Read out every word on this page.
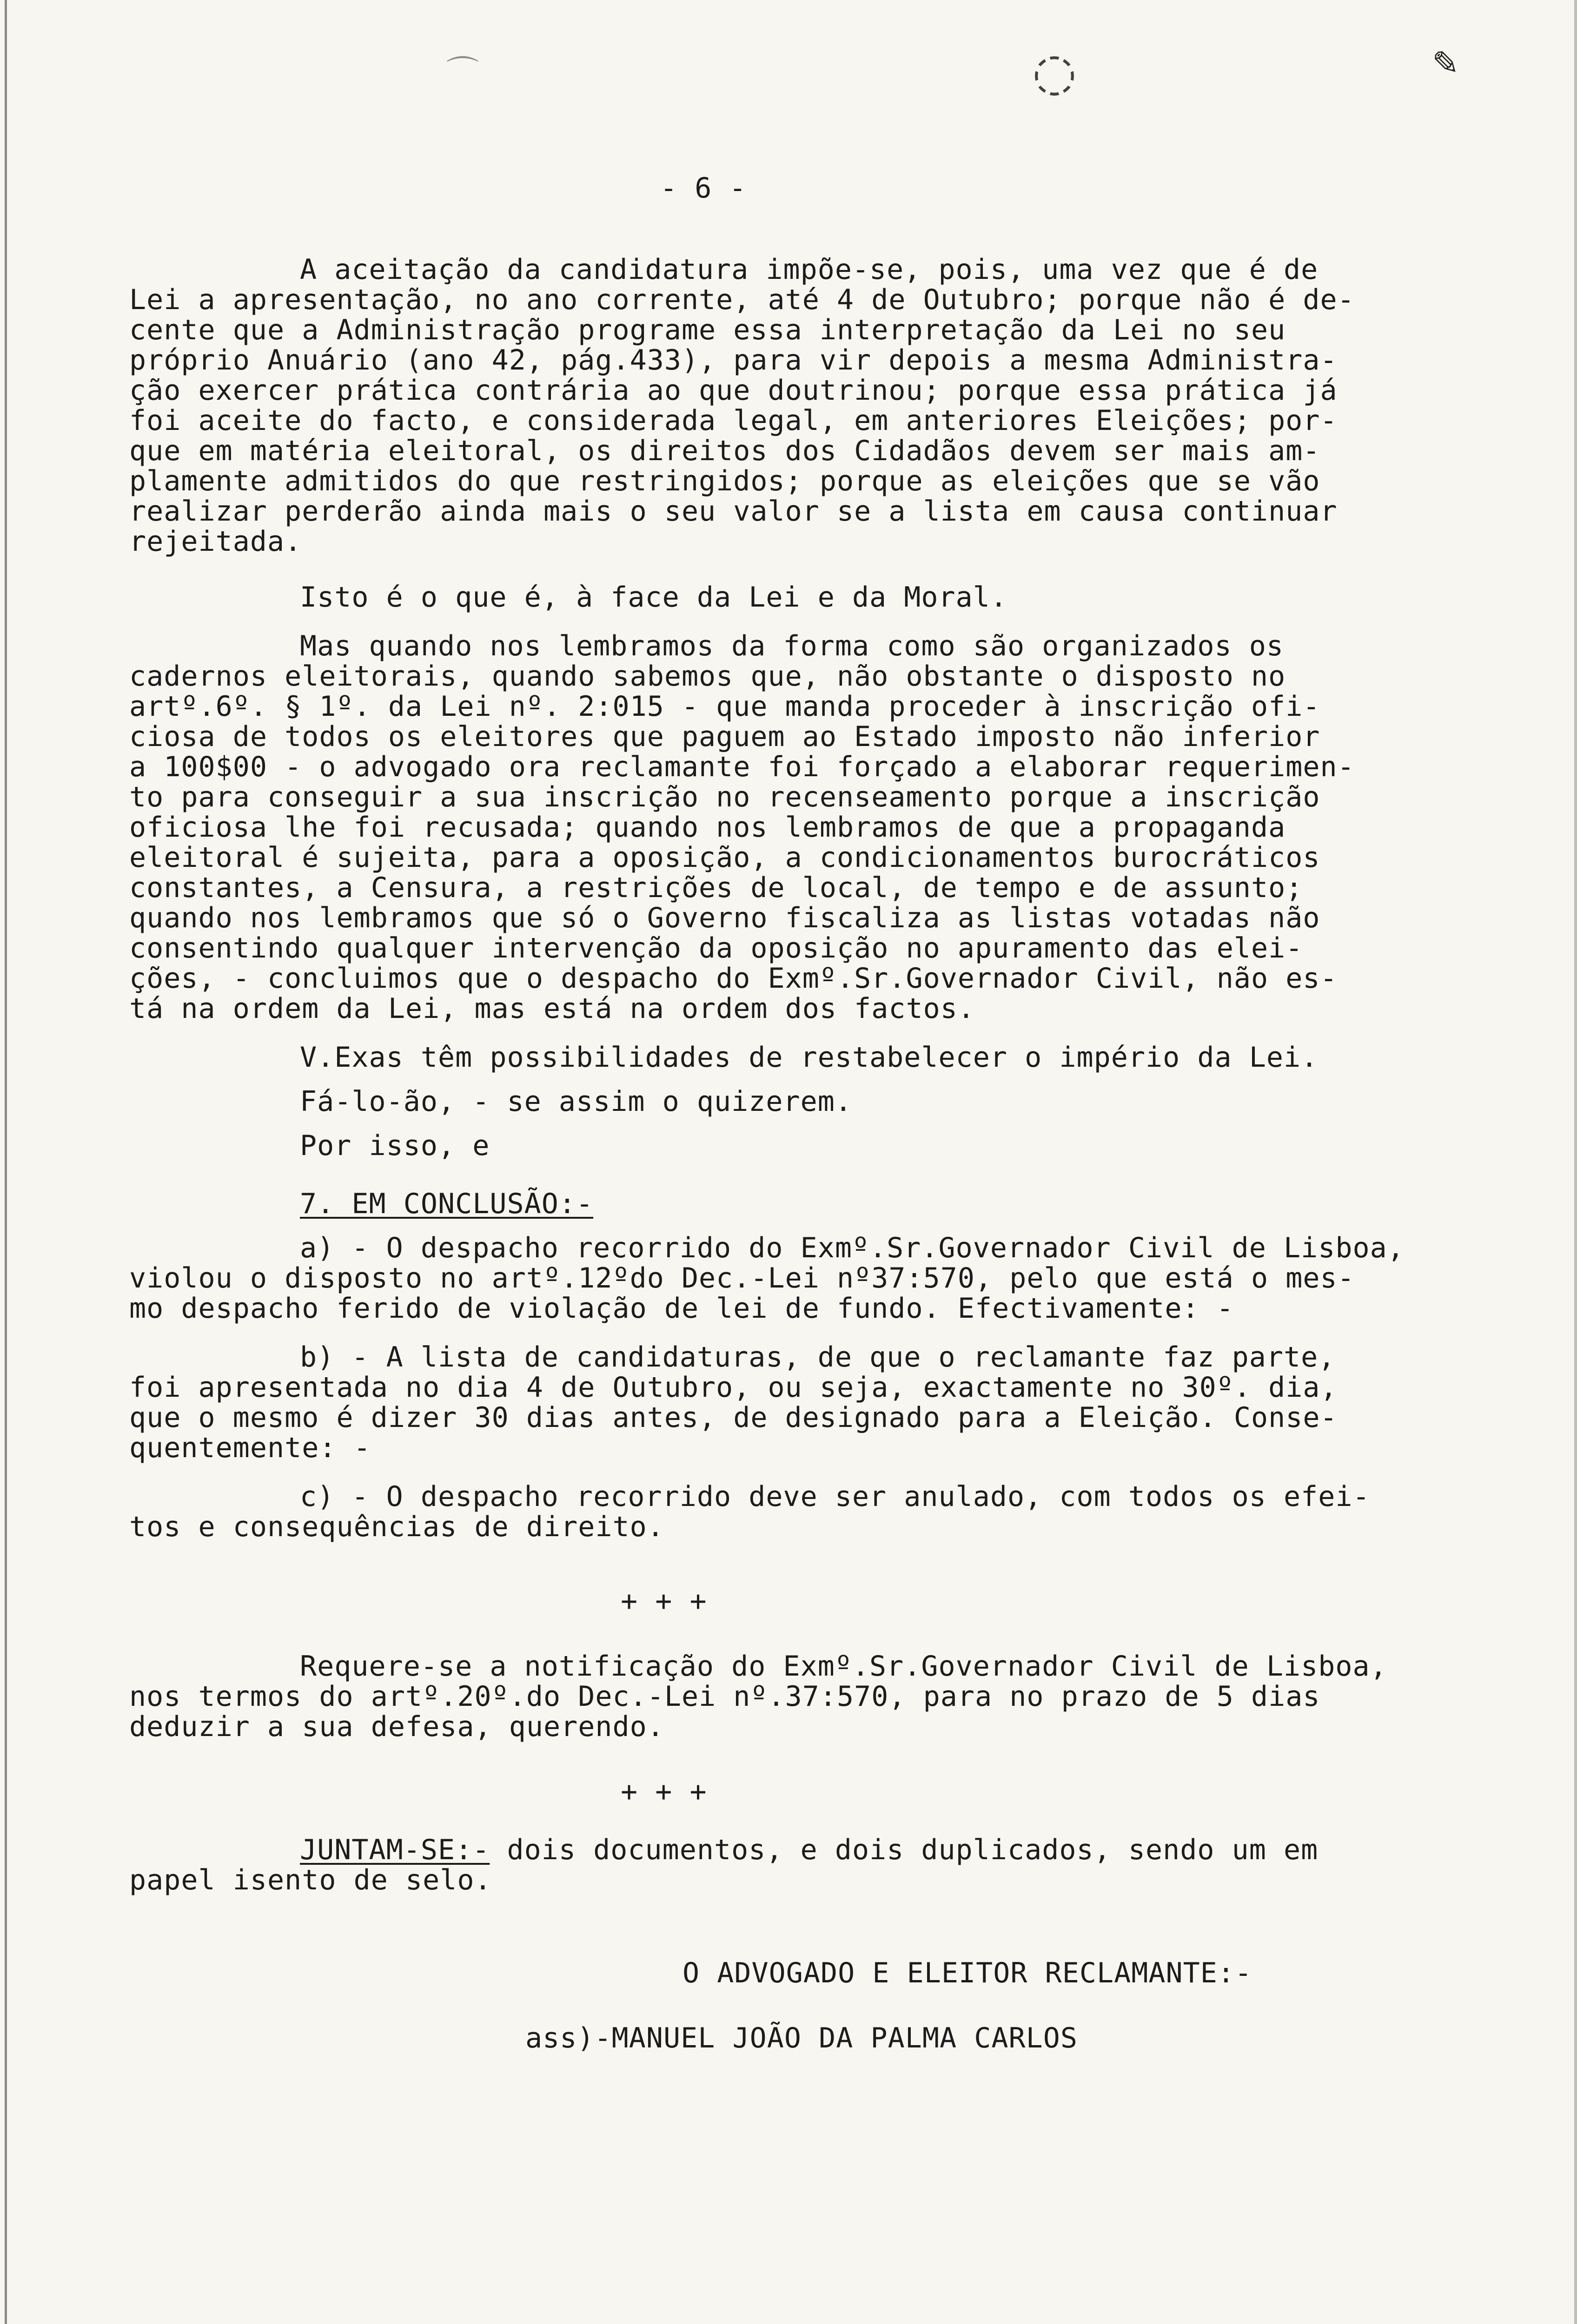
⌒	◌	✎
- 6 -
A aceitação da candidatura impõe-se, pois, uma vez que é de
Lei a apresentação, no ano corrente, até 4 de Outubro; porque não é de-
cente que a Administração programe essa interpretação da Lei no seu
próprio Anuário (ano 42, pág.433), para vir depois a mesma Administra-
ção exercer prática contrária ao que doutrinou; porque essa prática já
foi aceite do facto, e considerada legal, em anteriores Eleições; por-
que em matéria eleitoral, os direitos dos Cidadãos devem ser mais am-
plamente admitidos do que restringidos; porque as eleições que se vão
realizar perderão ainda mais o seu valor se a lista em causa continuar
rejeitada.
Isto é o que é, à face da Lei e da Moral.
Mas quando nos lembramos da forma como são organizados os
cadernos eleitorais, quando sabemos que, não obstante o disposto no
artº.6º. § 1º. da Lei nº. 2:015 - que manda proceder à inscrição ofi-
ciosa de todos os eleitores que paguem ao Estado imposto não inferior
a 100$00 - o advogado ora reclamante foi forçado a elaborar requerimen-
to para conseguir a sua inscrição no recenseamento porque a inscrição
oficiosa lhe foi recusada; quando nos lembramos de que a propaganda
eleitoral é sujeita, para a oposição, a condicionamentos burocráticos
constantes, a Censura, a restrições de local, de tempo e de assunto;
quando nos lembramos que só o Governo fiscaliza as listas votadas não
consentindo qualquer intervenção da oposição no apuramento das elei-
ções, - concluimos que o despacho do Exmº.Sr.Governador Civil, não es-
tá na ordem da Lei, mas está na ordem dos factos.
V.Exas têm possibilidades de restabelecer o império da Lei.
Fá-lo-ão, - se assim o quizerem.
Por isso, e
7. EM CONCLUSÃO:-
a) - O despacho recorrido do Exmº.Sr.Governador Civil de Lisboa,
violou o disposto no artº.12ºdo Dec.-Lei nº37:570, pelo que está o mes-
mo despacho ferido de violação de lei de fundo. Efectivamente: -
b) - A lista de candidaturas, de que o reclamante faz parte,
foi apresentada no dia 4 de Outubro, ou seja, exactamente no 30º. dia,
que o mesmo é dizer 30 dias antes, de designado para a Eleição. Conse-
quentemente: -
c) - O despacho recorrido deve ser anulado, com todos os efei-
tos e consequências de direito.
+ + +
Requere-se a notificação do Exmº.Sr.Governador Civil de Lisboa,
nos termos do artº.20º.do Dec.-Lei nº.37:570, para no prazo de 5 dias
deduzir a sua defesa, querendo.
+ + +
JUNTAM-SE:- dois documentos, e dois duplicados, sendo um em
papel isento de selo.
O ADVOGADO E ELEITOR RECLAMANTE:-
ass)-MANUEL JOÃO DA PALMA CARLOS
